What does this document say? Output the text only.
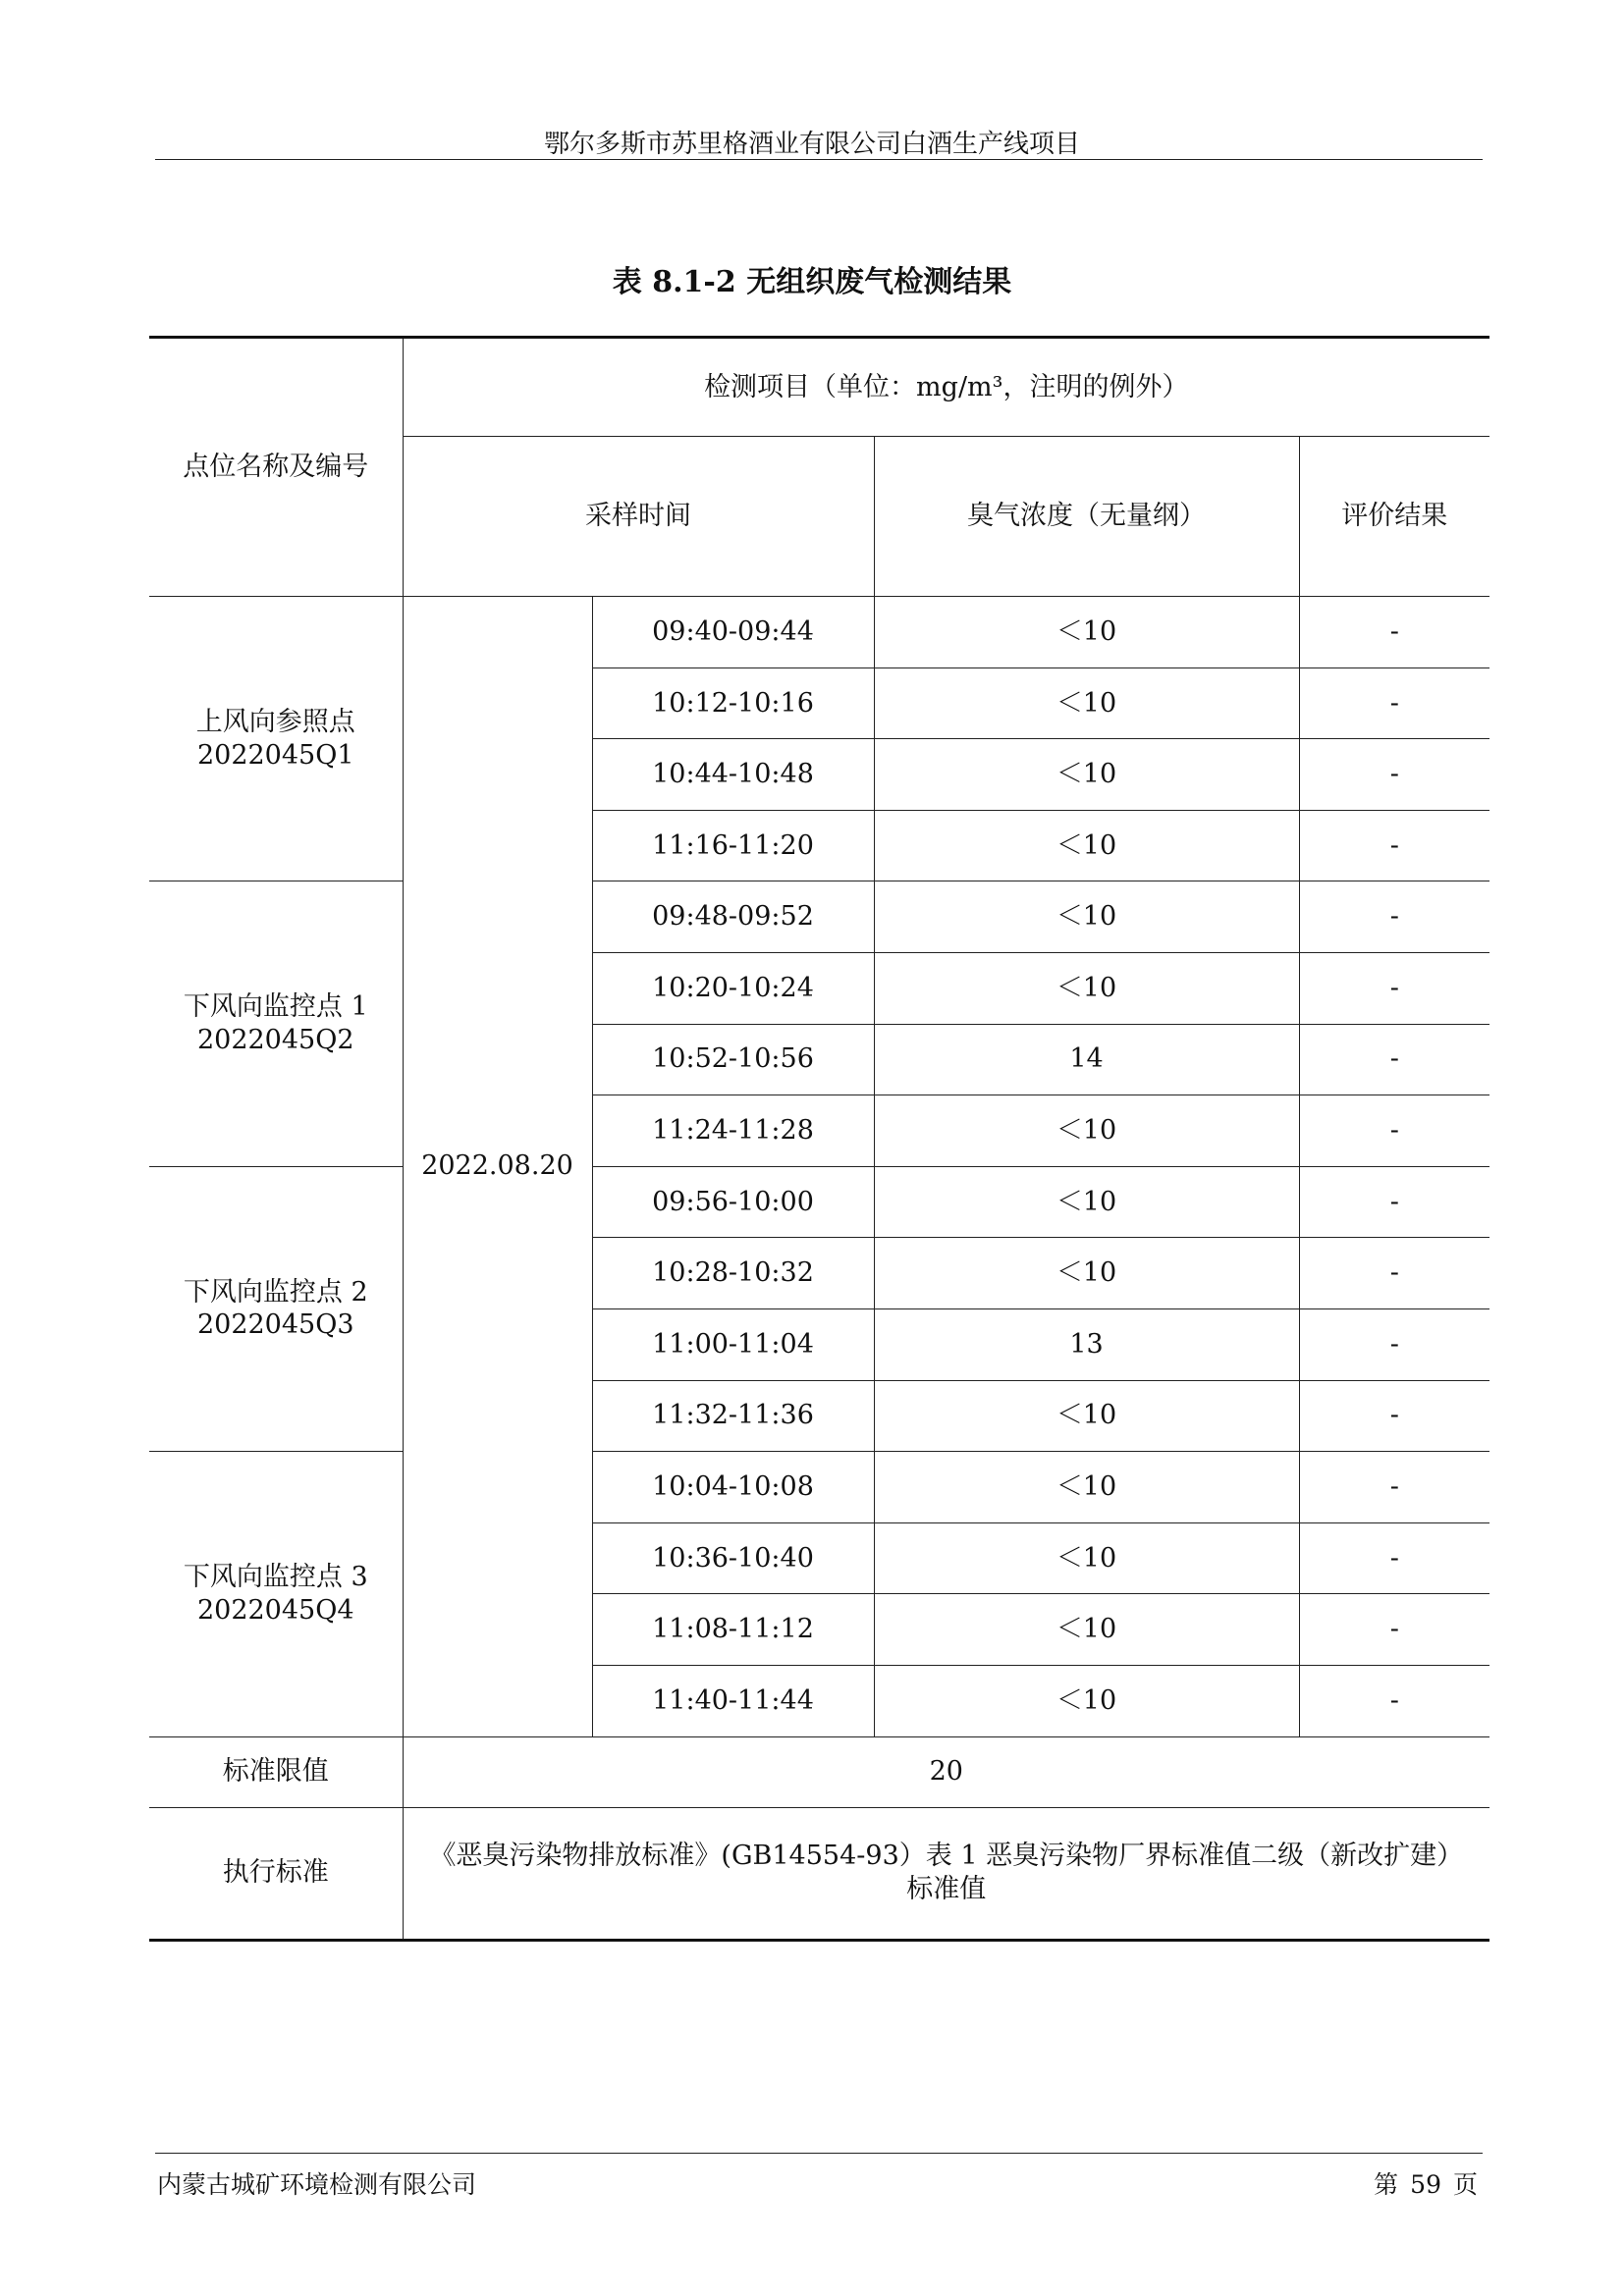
鄂尔多斯市苏里格酒业有限公司白酒生产线项目
表 8.1-2 无组织废气检测结果
点位名称及编号	检测项目（单位：mg/m³，注明的例外）			
	采样时间		臭气浓度（无量纲）	评价结果

上风向参照点
2022045Q1	2022.08.20	09:40-09:44	＜10	-
		10:12-10:16	＜10	-
		10:44-10:48	＜10	-
		11:16-11:20	＜10	-

下风向监控点 1
2022045Q2		09:48-09:52	＜10	-
		10:20-10:24	＜10	-
		10:52-10:56	14	-
		11:24-11:28	＜10	-

下风向监控点 2
2022045Q3		09:56-10:00	＜10	-
		10:28-10:32	＜10	-
		11:00-11:04	13	-
		11:32-11:36	＜10	-

下风向监控点 3
2022045Q4		10:04-10:08	＜10	-
		10:36-10:40	＜10	-
		11:08-11:12	＜10	-
		11:40-11:44	＜10	-
标准限值	20			
执行标准	《恶臭污染物排放标准》(GB14554-93）表 1 恶臭污染物厂界标准值二级（新改扩建）
标准值			
内蒙古城矿环境检测有限公司	第 59 页
